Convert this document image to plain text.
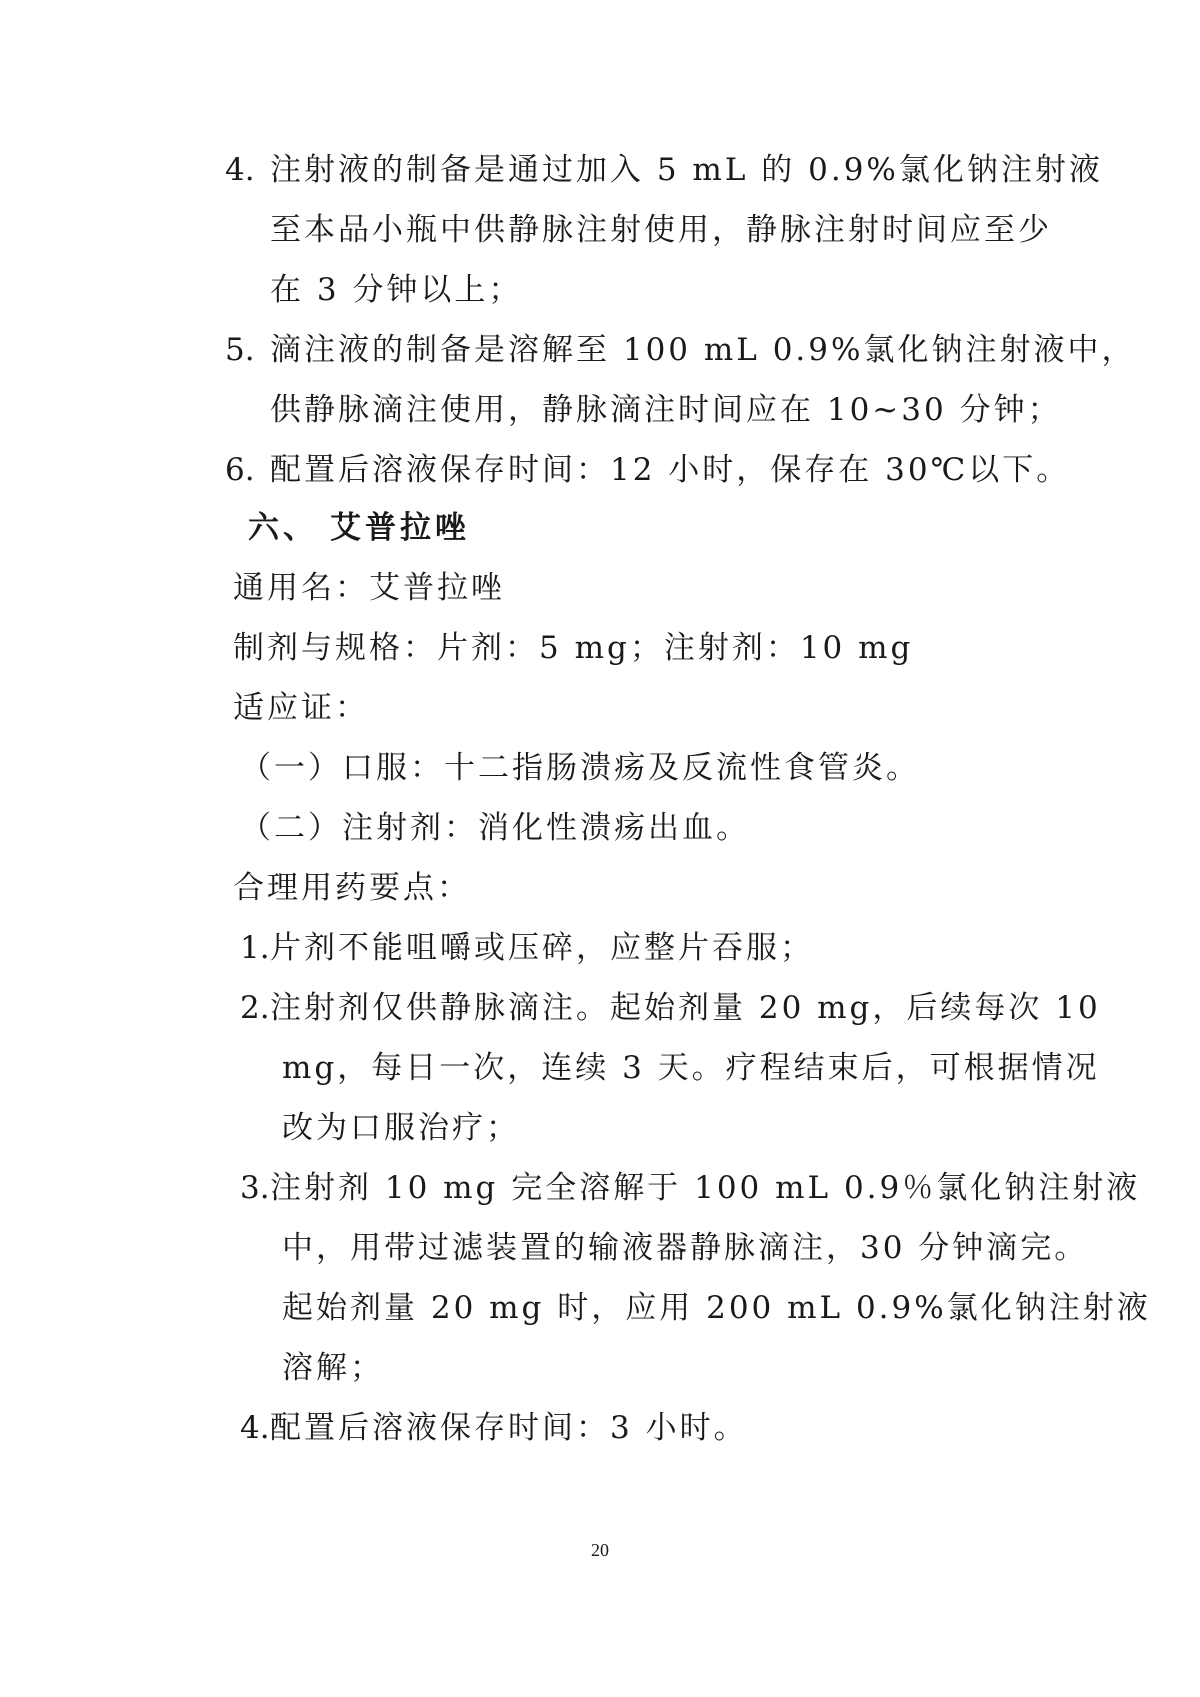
4. 注射液的制备是通过加入 5 mL 的 0.9%氯化钠注射液
至本品小瓶中供静脉注射使用，静脉注射时间应至少
在 3 分钟以上；
5. 滴注液的制备是溶解至 100 mL 0.9%氯化钠注射液中，
供静脉滴注使用，静脉滴注时间应在 10~30 分钟；
6. 配置后溶液保存时间：12 小时，保存在 30℃以下。
六、 艾普拉唑
通用名：艾普拉唑
制剂与规格：片剂：5 mg；注射剂：10 mg
适应证：
（一）口服：十二指肠溃疡及反流性食管炎。
（二）注射剂：消化性溃疡出血。
合理用药要点：
1. 片剂不能咀嚼或压碎，应整片吞服；
2. 注射剂仅供静脉滴注。起始剂量 20 mg，后续每次 10
mg，每日一次，连续 3 天。疗程结束后，可根据情况
改为口服治疗；
3. 注射剂 10 mg 完全溶解于 100 mL 0.9％氯化钠注射液
中，用带过滤装置的输液器静脉滴注，30 分钟滴完。
起始剂量 20 mg 时，应用 200 mL 0.9%氯化钠注射液
溶解；
4. 配置后溶液保存时间：3 小时。
20
